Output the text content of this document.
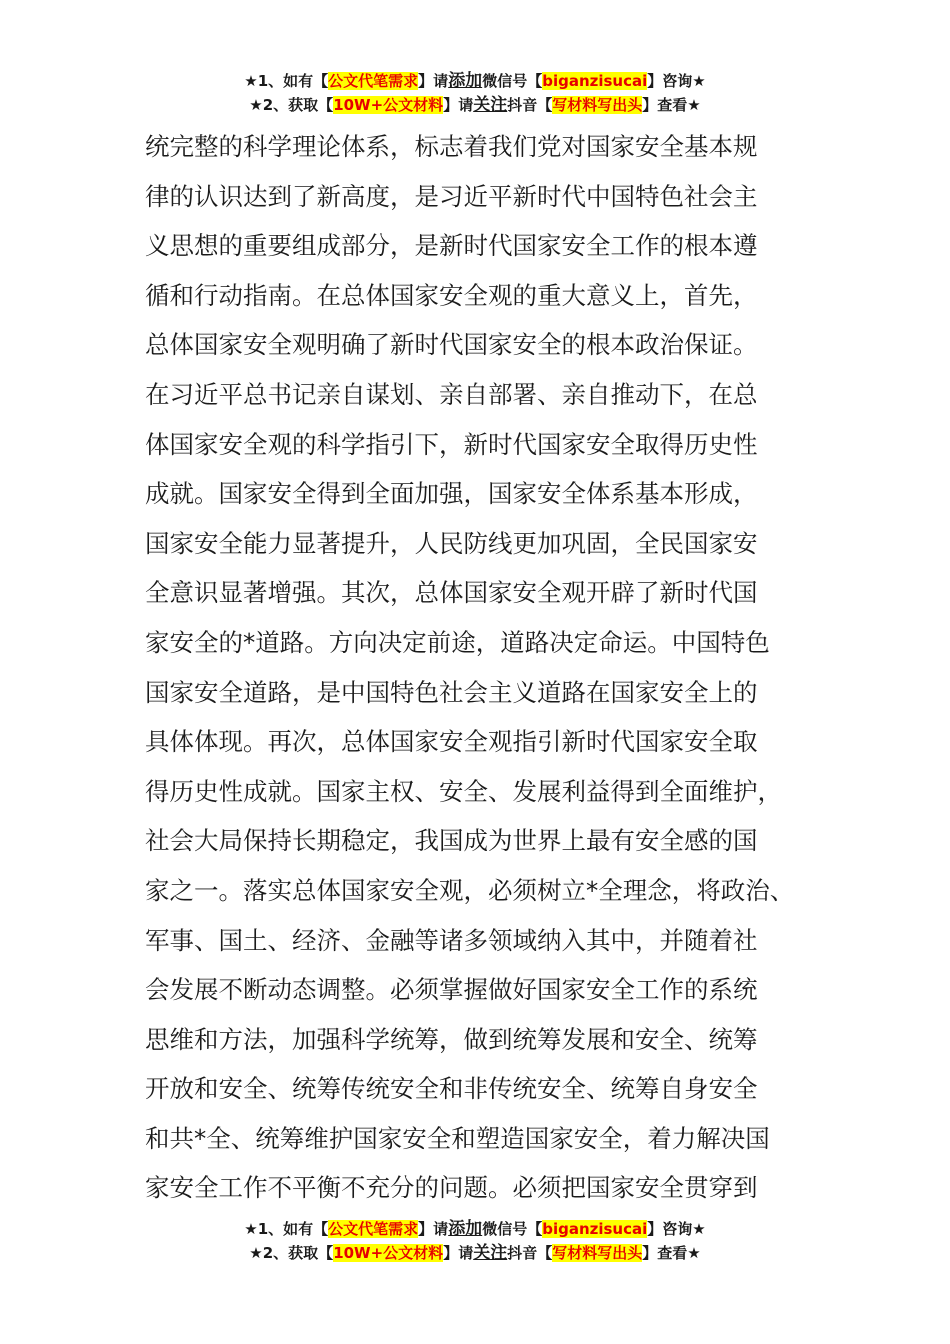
★1、如有【公文代笔需求】请添加微信号【biganzisucai】咨询★
★2、获取【10W+公文材料】请关注抖音【写材料写出头】查看★
统完整的科学理论体系，标志着我们党对国家安全基本规
律的认识达到了新高度，是习近平新时代中国特色社会主
义思想的重要组成部分，是新时代国家安全工作的根本遵
循和行动指南。在总体国家安全观的重大意义上，首先，
总体国家安全观明确了新时代国家安全的根本政治保证。
在习近平总书记亲自谋划、亲自部署、亲自推动下，在总
体国家安全观的科学指引下，新时代国家安全取得历史性
成就。国家安全得到全面加强，国家安全体系基本形成，
国家安全能力显著提升，人民防线更加巩固，全民国家安
全意识显著增强。其次，总体国家安全观开辟了新时代国
家安全的*道路。方向决定前途，道路决定命运。中国特色
国家安全道路，是中国特色社会主义道路在国家安全上的
具体体现。再次，总体国家安全观指引新时代国家安全取
得历史性成就。国家主权、安全、发展利益得到全面维护，
社会大局保持长期稳定，我国成为世界上最有安全感的国
家之一。落实总体国家安全观，必须树立*全理念，将政治、
军事、国土、经济、金融等诸多领域纳入其中，并随着社
会发展不断动态调整。必须掌握做好国家安全工作的系统
思维和方法，加强科学统筹，做到统筹发展和安全、统筹
开放和安全、统筹传统安全和非传统安全、统筹自身安全
和共*全、统筹维护国家安全和塑造国家安全，着力解决国
家安全工作不平衡不充分的问题。必须把国家安全贯穿到
★1、如有【公文代笔需求】请添加微信号【biganzisucai】咨询★
★2、获取【10W+公文材料】请关注抖音【写材料写出头】查看★
